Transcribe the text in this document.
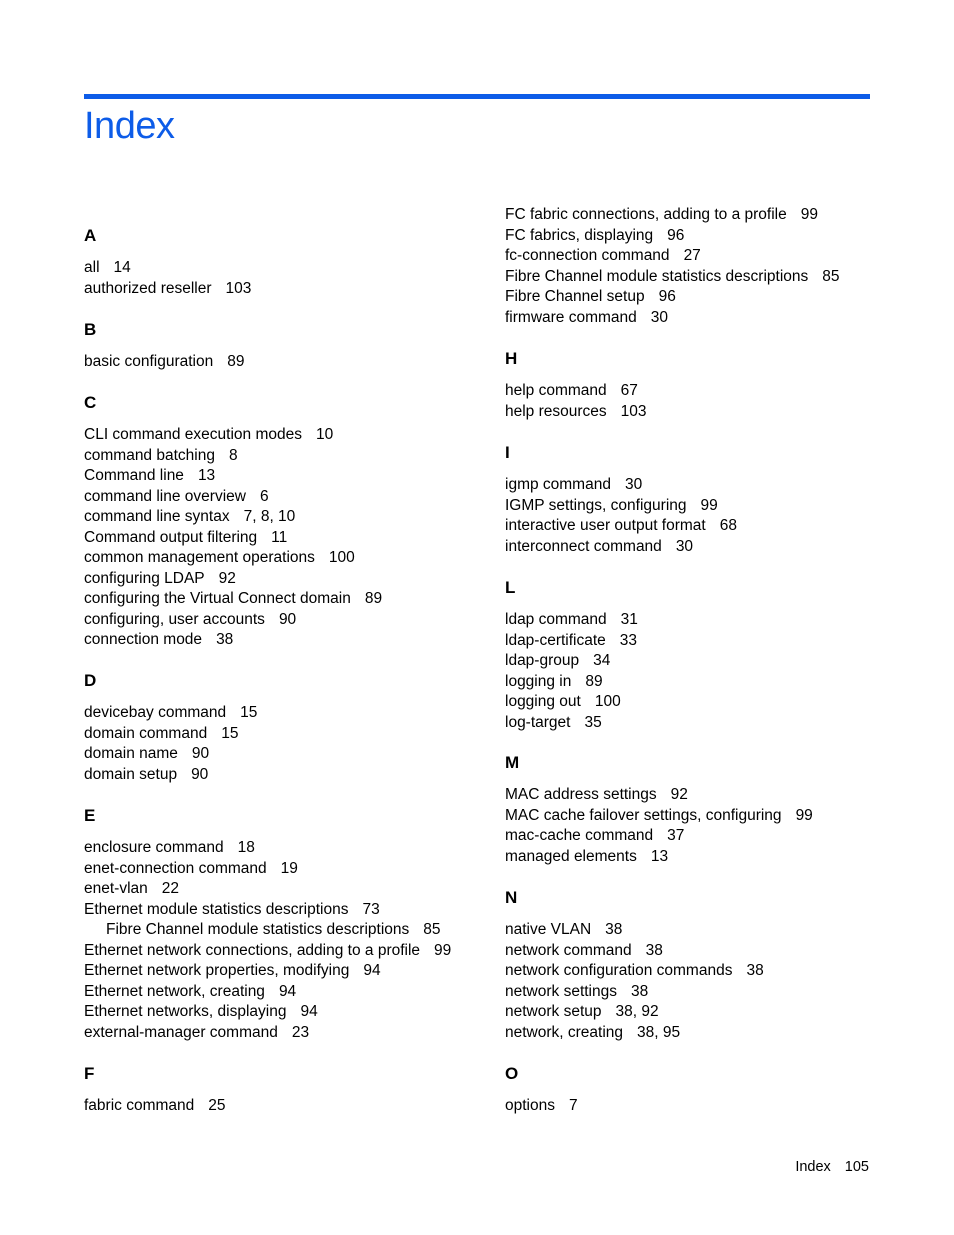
Index
A

all 14

authorized reseller 103

B

basic configuration 89

C

CLI command execution modes 10

command batching 8

Command line 13

command line overview 6

command line syntax 7, 8, 10

Command output filtering 11

common management operations 100

configuring LDAP 92

configuring the Virtual Connect domain 89

configuring, user accounts 90

connection mode 38

D

devicebay command 15

domain command 15

domain name 90

domain setup 90

E

enclosure command 18

enet-connection command 19

enet-vlan 22

Ethernet module statistics descriptions 73

Fibre Channel module statistics descriptions 85

Ethernet network connections, adding to a profile 99

Ethernet network properties, modifying 94

Ethernet network, creating 94

Ethernet networks, displaying 94

external-manager command 23

F

fabric command 25

FC fabric connections, adding to a profile 99

FC fabrics, displaying 96

fc-connection command 27

Fibre Channel module statistics descriptions 85

Fibre Channel setup 96

firmware command 30

H

help command 67

help resources 103

I

igmp command 30

IGMP settings, configuring 99

interactive user output format 68

interconnect command 30

L

ldap command 31

ldap-certificate 33

ldap-group 34

logging in 89

logging out 100

log-target 35

M

MAC address settings 92

MAC cache failover settings, configuring 99

mac-cache command 37

managed elements 13

N

native VLAN 38

network command 38

network configuration commands 38

network settings 38

network setup 38, 92

network, creating 38, 95

O

options 7

Index 105
